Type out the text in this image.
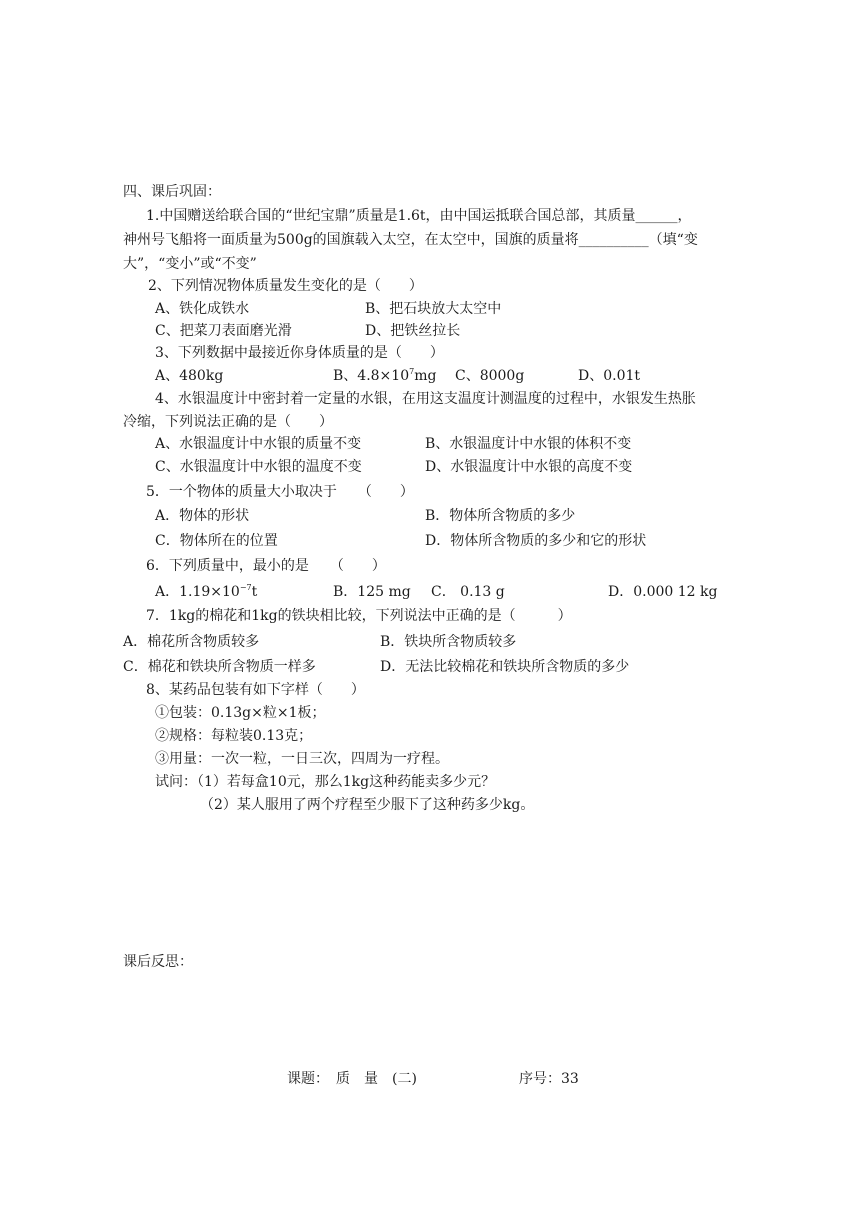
四、课后巩固：
1.中国赠送给联合国的“世纪宝鼎”质量是1.6t，由中国运抵联合国总部，其质量______，
神州号飞船将一面质量为500g的国旗载入太空，在太空中，国旗的质量将__________（填“变
大”，“变小”或“不变”
2、下列情况物体质量发生变化的是（　　）
A、铁化成铁水	B、把石块放大太空中
C、把菜刀表面磨光滑	D、把铁丝拉长
3、下列数据中最接近你身体质量的是（　　）
A、480kg	B、$4.8\times 10^7mg$ C、8000g	D、0.01t
4、水银温度计中密封着一定量的水银，在用这支温度计测温度的过程中，水银发生热胀
冷缩，下列说法正确的是（　　）
A、水银温度计中水银的质量不变	B、水银温度计中水银的体积不变
C、水银温度计中水银的温度不变	D、水银温度计中水银的高度不变
5．一个物体的质量大小取决于　　（　　）
A．物体的形状	B．物体所含物质的多少
C．物体所在的位置	D．物体所含物质的多少和它的形状
6．下列质量中，最小的是　　（　　）
A．$1.19\times 10^{-7}t$	B．125 mg C． 0.13 g	D．0.000 12 kg
7．1kg的棉花和1kg的铁块相比较，下列说法中正确的是（　　　）
A．棉花所含物质较多	B．铁块所含物质较多
C．棉花和铁块所含物质一样多	D．无法比较棉花和铁块所含物质的多少
8、某药品包装有如下字样（　　）
①包装：0.13g×粒×1板；
②规格：每粒装0.13克；
③用量：一次一粒，一日三次，四周为一疗程。
试问：（1）若每盒10元，那么1kg这种药能卖多少元？
（2）某人服用了两个疗程至少服下了这种药多少kg。
课后反思：
课题：　质　量　(二)	序号：33
